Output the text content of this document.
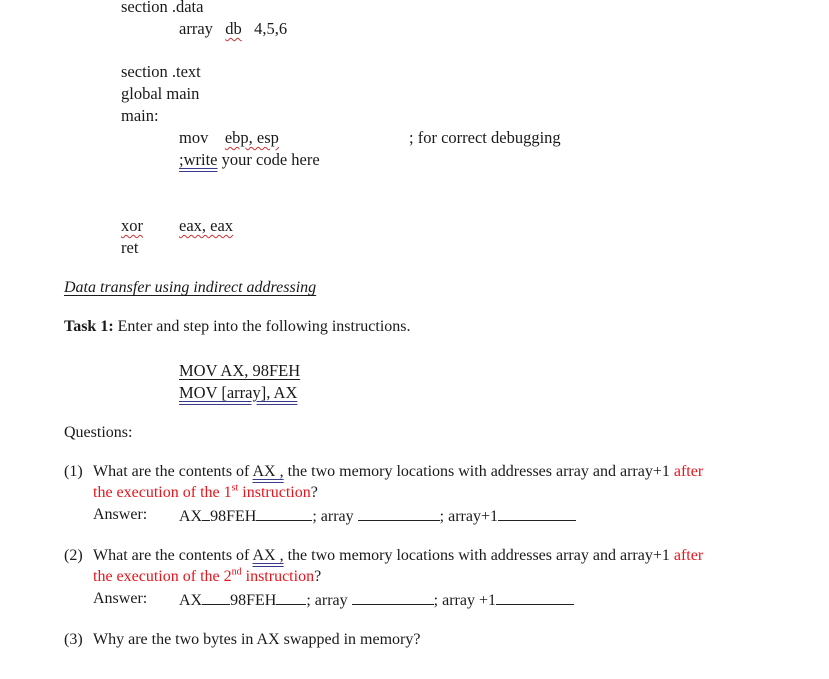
section .data
array db 4,5,6
section .text
global main
main:
mov ebp, esp	; for correct debugging
;write your code here
xor eax, eax
ret
Data transfer using indirect addressing
Task 1: Enter and step into the following instructions.
MOV AX, 98FEH
MOV [array], AX
Questions:
(1) What are the contents of AX , the two memory locations with addresses array and array+1 after
the execution of the 1st instruction?
Answer: AX 98FEH	; array	; array+1
(2) What are the contents of AX , the two memory locations with addresses array and array+1 after
the execution of the 2nd instruction?
Answer: AX 98FEH ; array	; array +1
(3) Why are the two bytes in AX swapped in memory?
